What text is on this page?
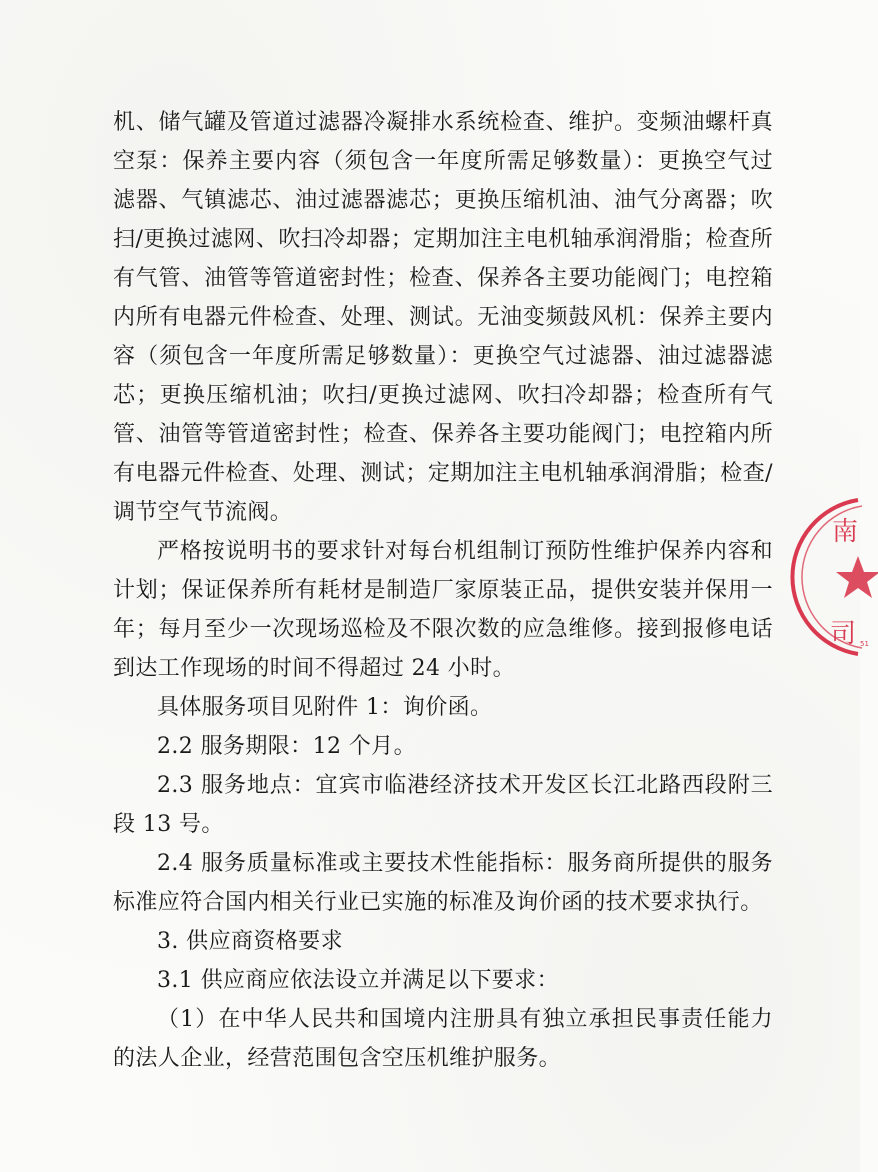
机、储气罐及管道过滤器冷凝排水系统检查、维护。变频油螺杆真空泵：保养主要内容（须包含一年度所需足够数量）：更换空气过滤器、气镇滤芯、油过滤器滤芯；更换压缩机油、油气分离器；吹扫/更换过滤网、吹扫冷却器；定期加注主电机轴承润滑脂；检查所有气管、油管等管道密封性；检查、保养各主要功能阀门；电控箱内所有电器元件检查、处理、测试。无油变频鼓风机：保养主要内容（须包含一年度所需足够数量）：更换空气过滤器、油过滤器滤芯；更换压缩机油；吹扫/更换过滤网、吹扫冷却器；检查所有气管、油管等管道密封性；检查、保养各主要功能阀门；电控箱内所有电器元件检查、处理、测试；定期加注主电机轴承润滑脂；检查/调节空气节流阀。

严格按说明书的要求针对每台机组制订预防性维护保养内容和计划；保证保养所有耗材是制造厂家原装正品，提供安装并保用一年；每月至少一次现场巡检及不限次数的应急维修。接到报修电话到达工作现场的时间不得超过 24 小时。

具体服务项目见附件 1：询价函。

2.2 服务期限：12 个月。

2.3 服务地点：宜宾市临港经济技术开发区长江北路西段附三段 13 号。

2.4 服务质量标准或主要技术性能指标：服务商所提供的服务标准应符合国内相关行业已实施的标准及询价函的技术要求执行。

3. 供应商资格要求

3.1 供应商应依法设立并满足以下要求：

（1）在中华人民共和国境内注册具有独立承担民事责任能力的法人企业，经营范围包含空压机维护服务。

南
司 51
